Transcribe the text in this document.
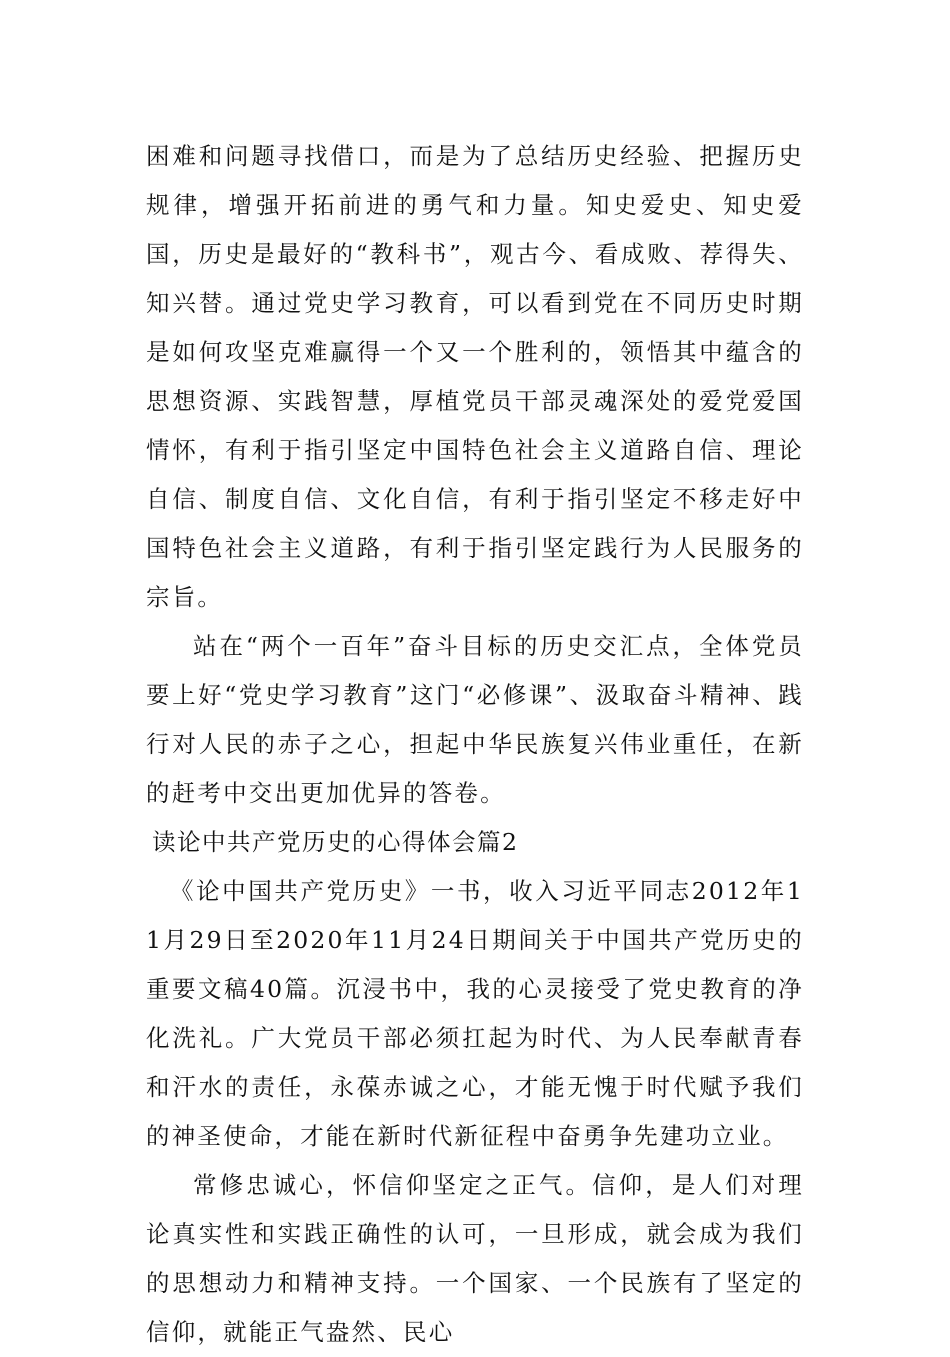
困难和问题寻找借口，而是为了总结历史经验、把握历史规律，增强开拓前进的勇气和力量。知史爱史、知史爱国，历史是最好的“教科书”，观古今、看成败、荐得失、知兴替。通过党史学习教育，可以看到党在不同历史时期是如何攻坚克难赢得一个又一个胜利的，领悟其中蕴含的思想资源、实践智慧，厚植党员干部灵魂深处的爱党爱国情怀，有利于指引坚定中国特色社会主义道路自信、理论自信、制度自信、文化自信，有利于指引坚定不移走好中国特色社会主义道路，有利于指引坚定践行为人民服务的宗旨。

站在“两个一百年”奋斗目标的历史交汇点，全体党员要上好“党史学习教育”这门“必修课”、汲取奋斗精神、践行对人民的赤子之心，担起中华民族复兴伟业重任，在新的赶考中交出更加优异的答卷。

读论中共产党历史的心得体会篇2

《论中国共产党历史》一书，收入习近平同志2012年11月29日至2020年11月24日期间关于中国共产党历史的重要文稿40篇。沉浸书中，我的心灵接受了党史教育的净化洗礼。广大党员干部必须扛起为时代、为人民奉献青春和汗水的责任，永葆赤诚之心，才能无愧于时代赋予我们的神圣使命，才能在新时代新征程中奋勇争先建功立业。

常修忠诚心，怀信仰坚定之正气。信仰，是人们对理论真实性和实践正确性的认可，一旦形成，就会成为我们的思想动力和精神支持。一个国家、一个民族有了坚定的信仰，就能正气盎然、民心
